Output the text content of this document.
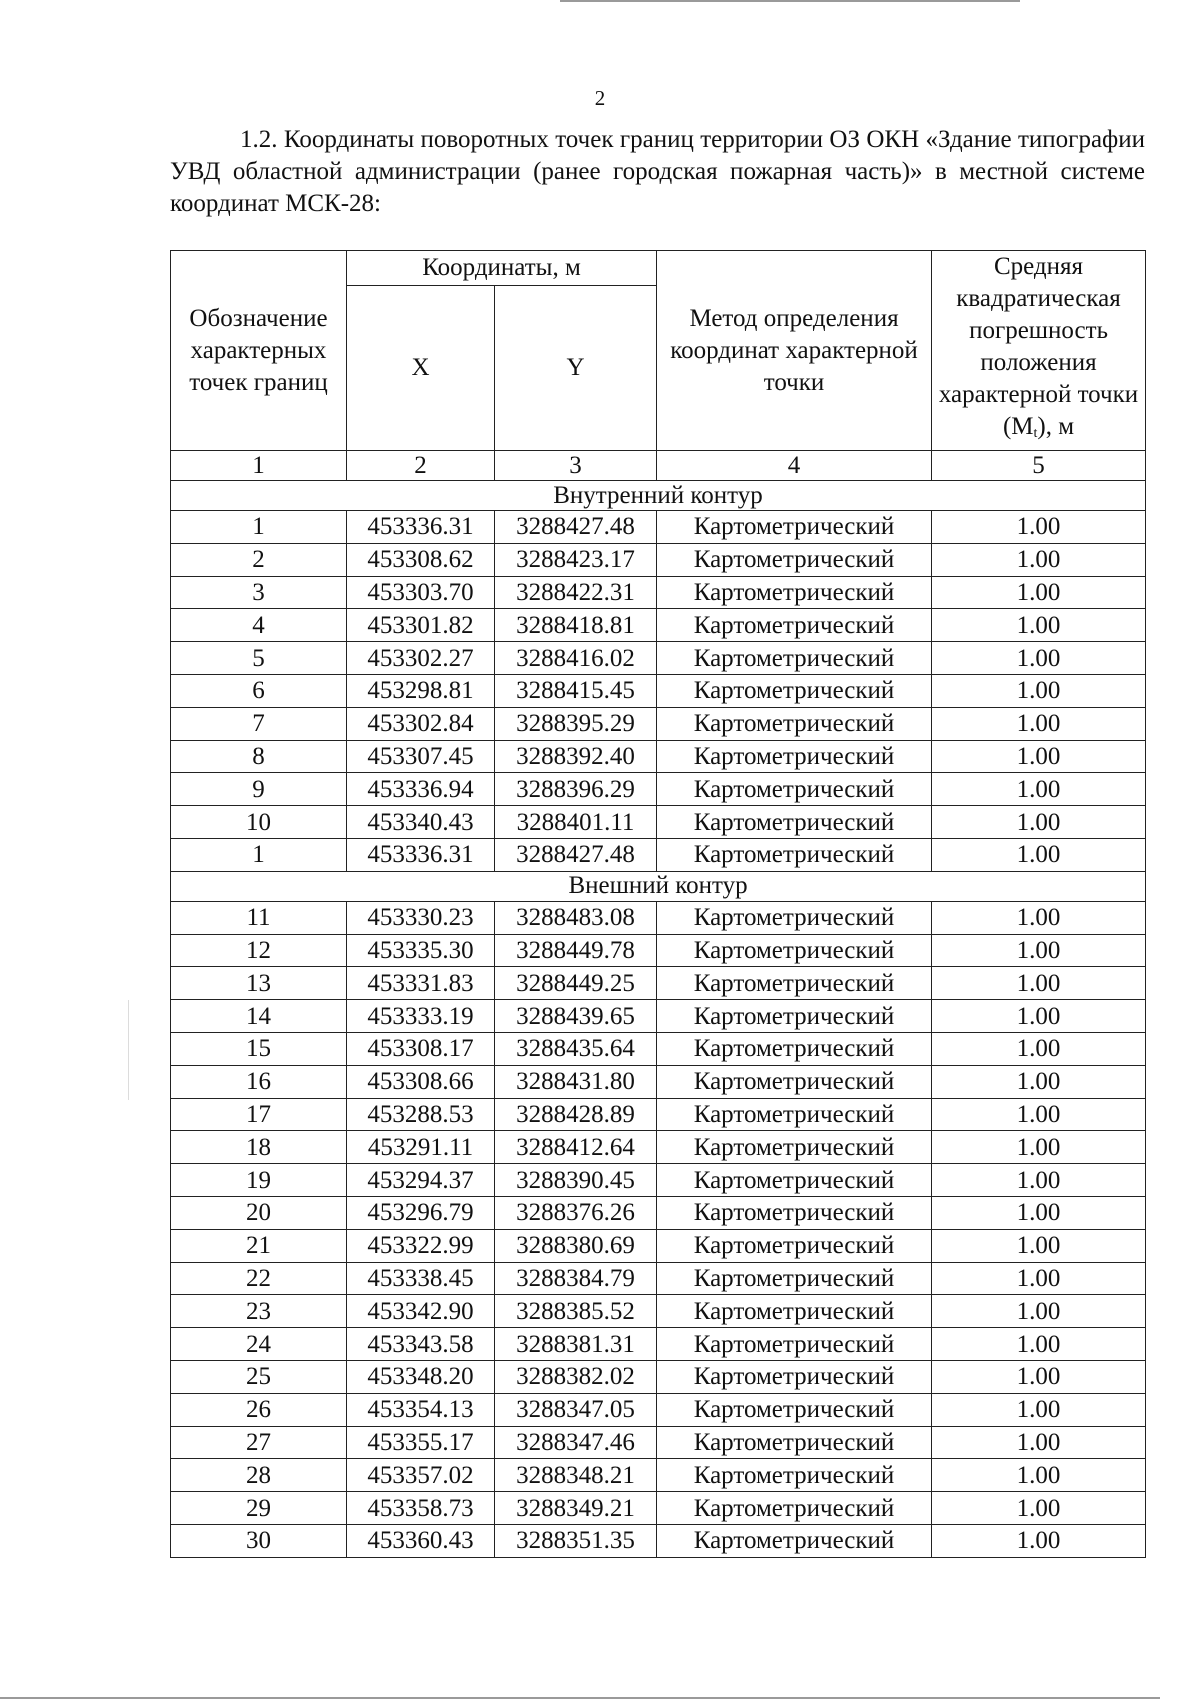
2

1.2. Координаты поворотных точек границ территории ОЗ ОКН «Здание типографии УВД областной администрации (ранее городская пожарная часть)» в местной системе координат МСК-28:

Обозначение характерных точек границ	Координаты, м		Метод определения координат характерной точки	Средняя квадратическая погрешность положения характерной точки $(M_t)$, м
	X	Y		
1	2	3	4	5
Внутренний контур				
1	453336.31	3288427.48	Картометрический	1.00
2	453308.62	3288423.17	Картометрический	1.00
3	453303.70	3288422.31	Картометрический	1.00
4	453301.82	3288418.81	Картометрический	1.00
5	453302.27	3288416.02	Картометрический	1.00
6	453298.81	3288415.45	Картометрический	1.00
7	453302.84	3288395.29	Картометрический	1.00
8	453307.45	3288392.40	Картометрический	1.00
9	453336.94	3288396.29	Картометрический	1.00
10	453340.43	3288401.11	Картометрический	1.00
1	453336.31	3288427.48	Картометрический	1.00
Внешний контур				
11	453330.23	3288483.08	Картометрический	1.00
12	453335.30	3288449.78	Картометрический	1.00
13	453331.83	3288449.25	Картометрический	1.00
14	453333.19	3288439.65	Картометрический	1.00
15	453308.17	3288435.64	Картометрический	1.00
16	453308.66	3288431.80	Картометрический	1.00
17	453288.53	3288428.89	Картометрический	1.00
18	453291.11	3288412.64	Картометрический	1.00
19	453294.37	3288390.45	Картометрический	1.00
20	453296.79	3288376.26	Картометрический	1.00
21	453322.99	3288380.69	Картометрический	1.00
22	453338.45	3288384.79	Картометрический	1.00
23	453342.90	3288385.52	Картометрический	1.00
24	453343.58	3288381.31	Картометрический	1.00
25	453348.20	3288382.02	Картометрический	1.00
26	453354.13	3288347.05	Картометрический	1.00
27	453355.17	3288347.46	Картометрический	1.00
28	453357.02	3288348.21	Картометрический	1.00
29	453358.73	3288349.21	Картометрический	1.00
30	453360.43	3288351.35	Картометрический	1.00
